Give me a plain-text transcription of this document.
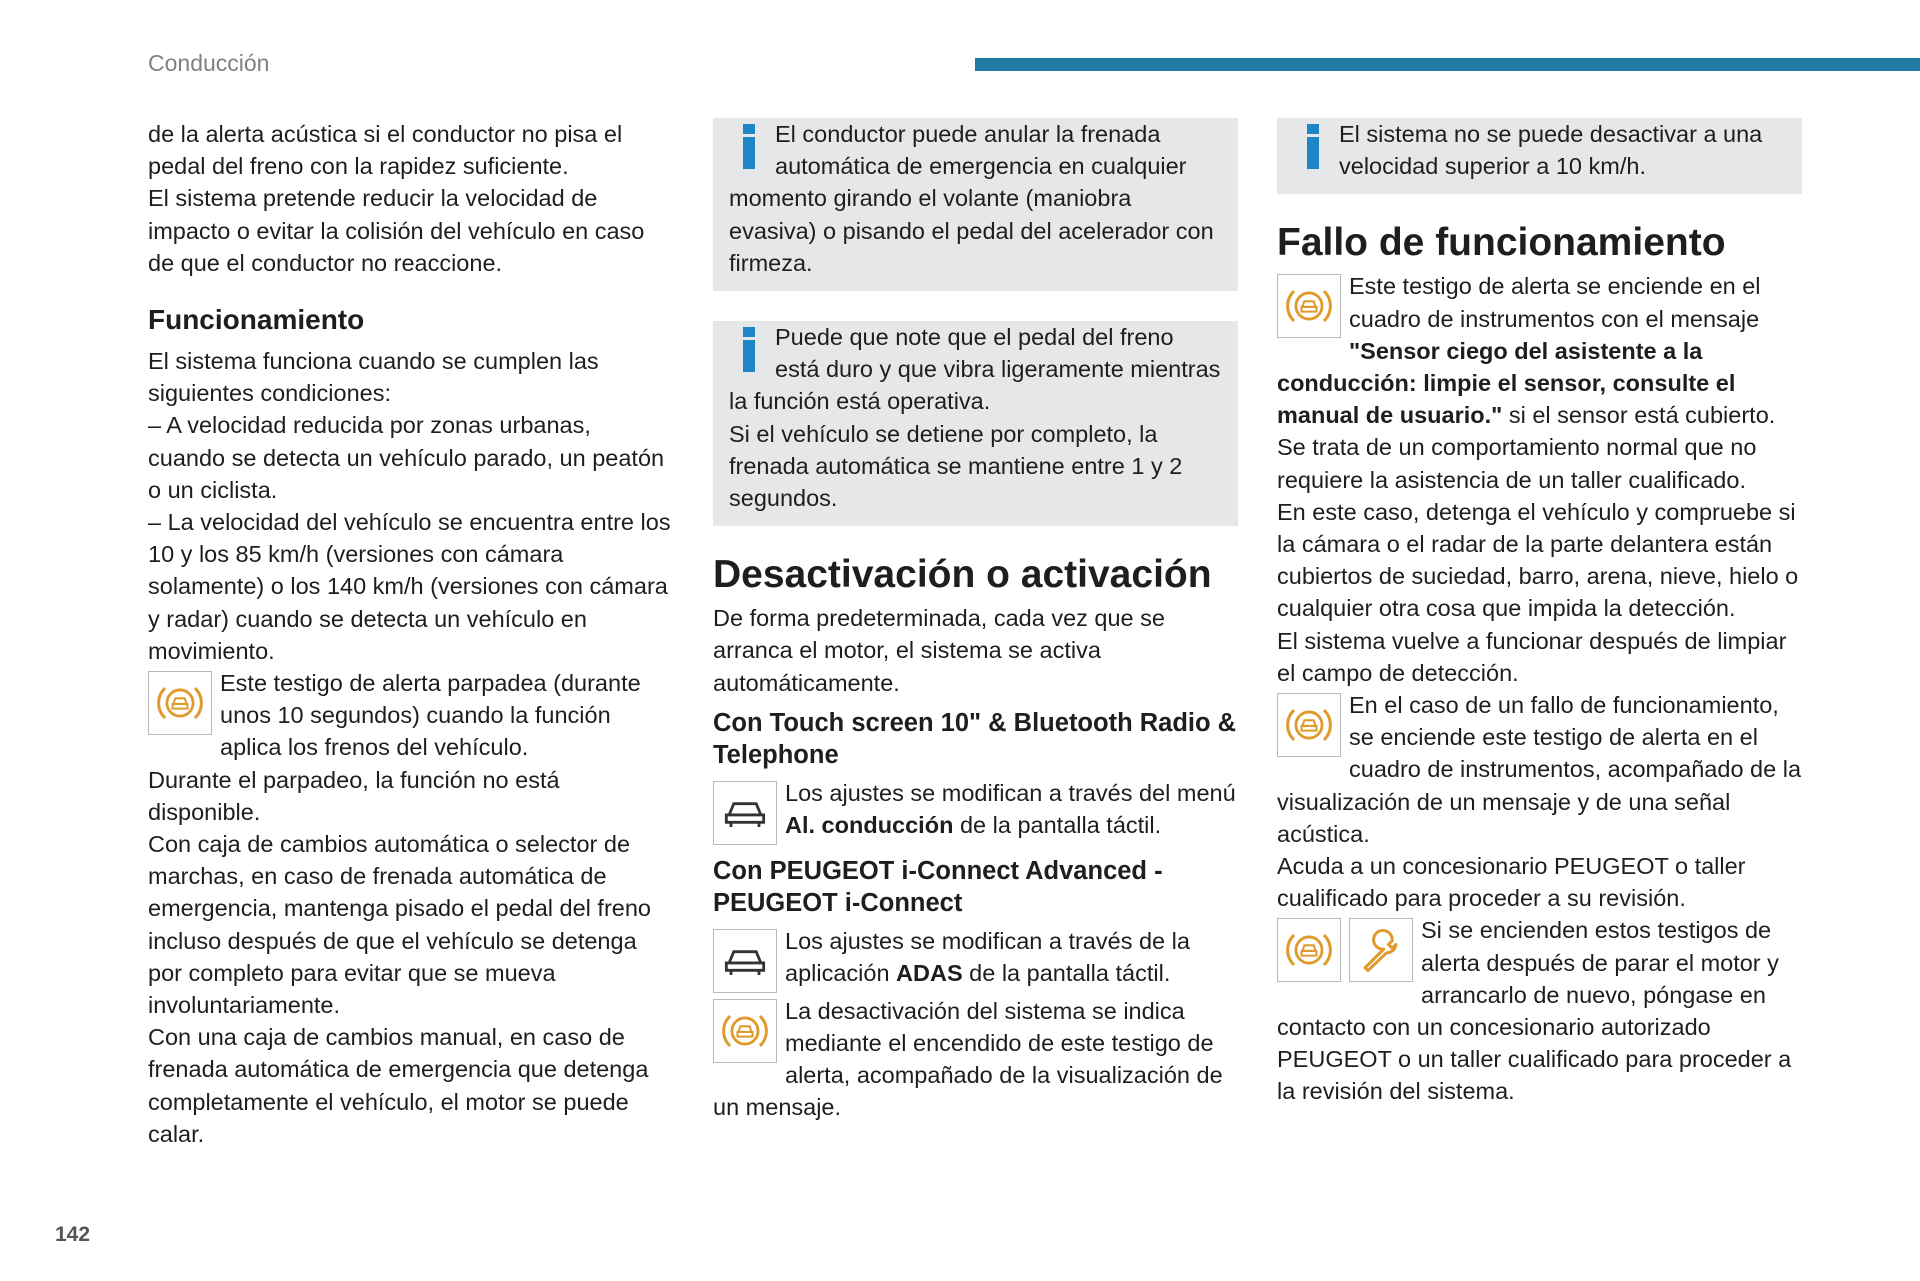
Conducción

de la alerta acústica si el conductor no pisa el pedal del freno con la rapidez suficiente.

El sistema pretende reducir la velocidad de impacto o evitar la colisión del vehículo en caso de que el conductor no reaccione.

Funcionamiento

El sistema funciona cuando se cumplen las siguientes condiciones:

– A velocidad reducida por zonas urbanas, cuando se detecta un vehículo parado, un peatón o un ciclista.

– La velocidad del vehículo se encuentra entre los 10 y los 85 km/h (versiones con cámara solamente) o los 140 km/h (versiones con cámara y radar) cuando se detecta un vehículo en movimiento.

Este testigo de alerta parpadea (durante unos 10 segundos) cuando la función aplica los frenos del vehículo.

Durante el parpadeo, la función no está disponible.

Con caja de cambios automática o selector de marchas, en caso de frenada automática de emergencia, mantenga pisado el pedal del freno incluso después de que el vehículo se detenga por completo para evitar que se mueva involuntariamente.

Con una caja de cambios manual, en caso de frenada automática de emergencia que detenga completamente el vehículo, el motor se puede calar.

El conductor puede anular la frenada automática de emergencia en cualquier momento girando el volante (maniobra evasiva) o pisando el pedal del acelerador con firmeza.
Puede que note que el pedal del freno está duro y que vibra ligeramente mientras la función está operativa.

Si el vehículo se detiene por completo, la frenada automática se mantiene entre 1 y 2 segundos.

Desactivación o activación

De forma predeterminada, cada vez que se arranca el motor, el sistema se activa automáticamente.

Con Touch screen 10" & Bluetooth Radio & Telephone
Los ajustes se modifican a través del menú Al. conducción de la pantalla táctil.
Con PEUGEOT i-Connect Advanced - PEUGEOT i-Connect
Los ajustes se modifican a través de la aplicación ADAS de la pantalla táctil.
La desactivación del sistema se indica mediante el encendido de este testigo de alerta, acompañado de la visualización de un mensaje.
El sistema no se puede desactivar a una velocidad superior a 10 km/h.
Fallo de funcionamiento
Este testigo de alerta se enciende en el cuadro de instrumentos con el mensaje "Sensor ciego del asistente a la conducción: limpie el sensor, consulte el manual de usuario." si el sensor está cubierto.

Se trata de un comportamiento normal que no requiere la asistencia de un taller cualificado.

En este caso, detenga el vehículo y compruebe si la cámara o el radar de la parte delantera están cubiertos de suciedad, barro, arena, nieve, hielo o cualquier otra cosa que impida la detección.

El sistema vuelve a funcionar después de limpiar el campo de detección.

En el caso de un fallo de funcionamiento, se enciende este testigo de alerta en el cuadro de instrumentos, acompañado de la visualización de un mensaje y de una señal acústica.

Acuda a un concesionario PEUGEOT o taller cualificado para proceder a su revisión.

Si se encienden estos testigos de alerta después de parar el motor y arrancarlo de nuevo, póngase en contacto con un concesionario autorizado PEUGEOT o un taller cualificado para proceder a la revisión del sistema.
142
